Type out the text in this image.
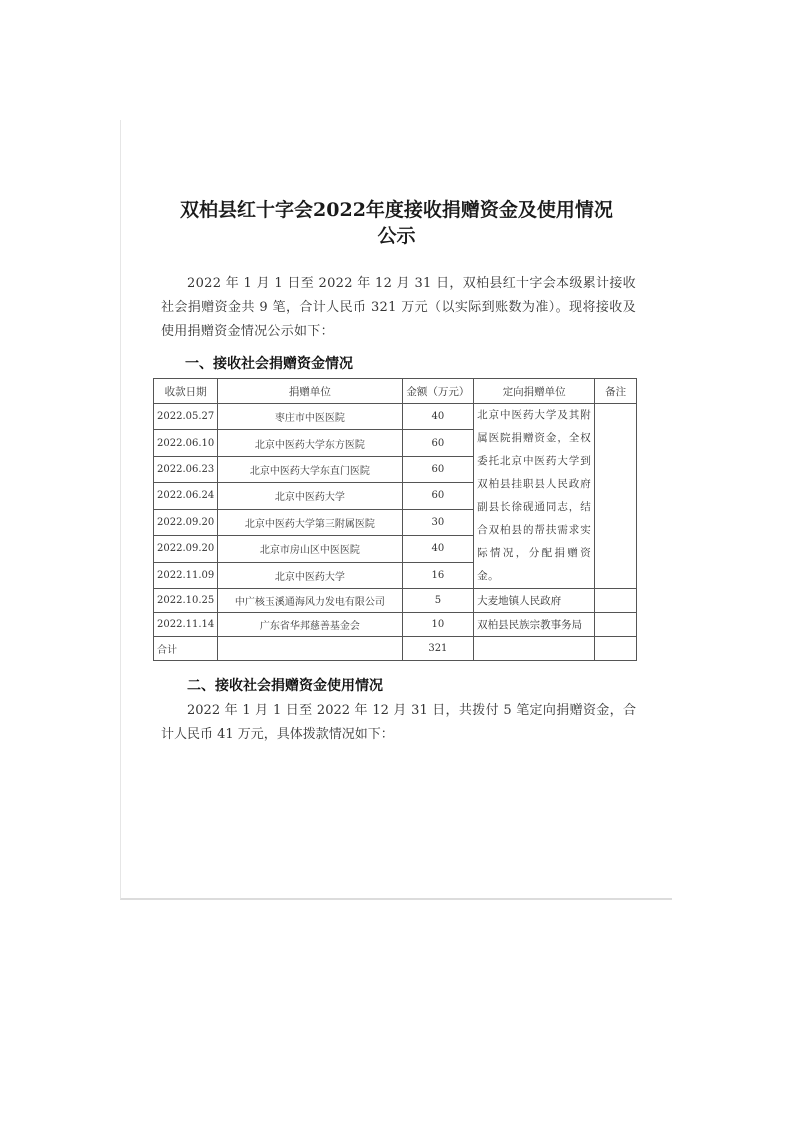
双柏县红十字会2022年度接收捐赠资金及使用情况
公示
2022 年 1 月 1 日至 2022 年 12 月 31 日，双柏县红十字会本级累计接收社会捐赠资金共 9 笔，合计人民币 321 万元（以实际到账数为准）。现将接收及使用捐赠资金情况公示如下：
一、接收社会捐赠资金情况
收款日期	捐赠单位	金额（万元）	定向捐赠单位	备注
2022.05.27	枣庄市中医医院	40	北京中医药大学及其附属医院捐赠资金，全权委托北京中医药大学到双柏县挂职县人民政府副县长徐砚通同志，结合双柏县的帮扶需求实际情况，分配捐赠资金。	
2022.06.10	北京中医药大学东方医院	60		
2022.06.23	北京中医药大学东直门医院	60		
2022.06.24	北京中医药大学	60		
2022.09.20	北京中医药大学第三附属医院	30		
2022.09.20	北京市房山区中医医院	40		
2022.11.09	北京中医药大学	16		
2022.10.25	中广核玉溪通海风力发电有限公司	5	大麦地镇人民政府	
2022.11.14	广东省华邦慈善基金会	10	双柏县民族宗教事务局	
合计		321		
二、接收社会捐赠资金使用情况
2022 年 1 月 1 日至 2022 年 12 月 31 日，共拨付 5 笔定向捐赠资金，合计人民币 41 万元，具体拨款情况如下：
